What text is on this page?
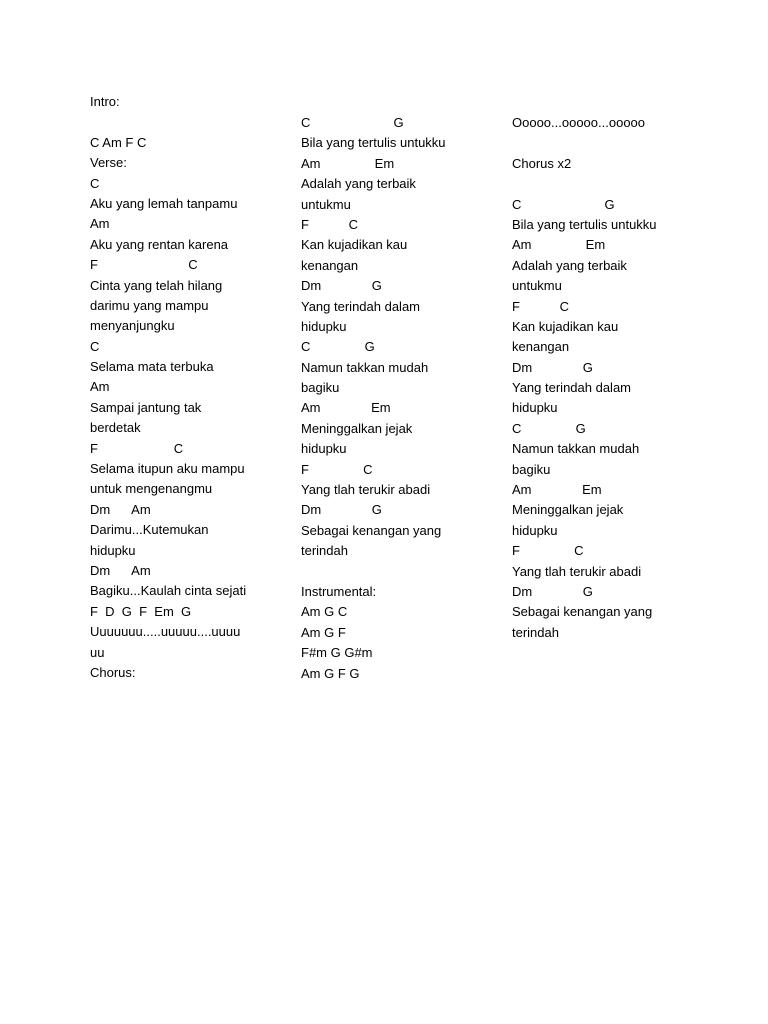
Intro:
C Am F C
Verse:
C
Aku yang lemah tanpamu
Am
Aku yang rentan karena
F                         C
Cinta yang telah hilang
darimu yang mampu
menyanjungku
C
Selama mata terbuka
Am
Sampai jantung tak
berdetak
F                     C
Selama itupun aku mampu
untuk mengenangmu
Dm      Am
Darimu...Kutemukan
hidupku
Dm      Am
Bagiku...Kaulah cinta sejati
F  D  G  F  Em  G
Uuuuuuu.....uuuuu....uuuu
uu
Chorus:
C                       G
Bila yang tertulis untukku
Am               Em
Adalah yang terbaik
untukmu
F           C
Kan kujadikan kau
kenangan
Dm              G
Yang terindah dalam
hidupku
C               G
Namun takkan mudah
bagiku
Am              Em
Meninggalkan jejak
hidupku
F               C
Yang tlah terukir abadi
Dm              G
Sebagai kenangan yang
terindah
Instrumental:
Am G C
Am G F
F#m G G#m
Am G F G
Ooooo...ooooo...ooooo
Chorus x2
C                       G
Bila yang tertulis untukku
Am               Em
Adalah yang terbaik
untukmu
F           C
Kan kujadikan kau
kenangan
Dm              G
Yang terindah dalam
hidupku
C               G
Namun takkan mudah
bagiku
Am              Em
Meninggalkan jejak
hidupku
F               C
Yang tlah terukir abadi
Dm              G
Sebagai kenangan yang
terindah
